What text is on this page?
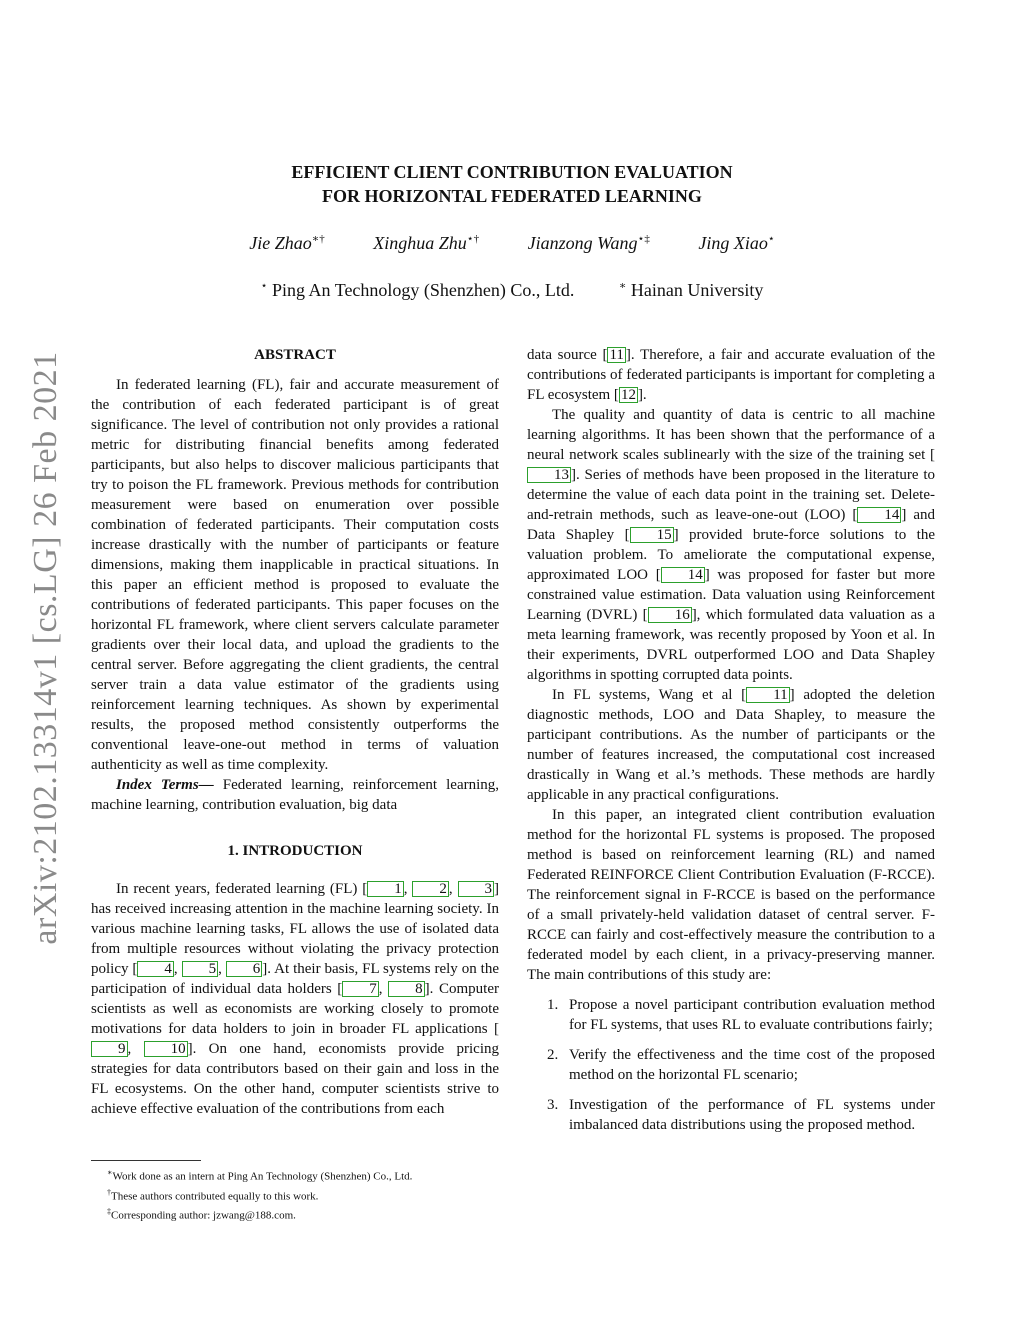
arXiv:2102.13314v1 [cs.LG] 26 Feb 2021
EFFICIENT CLIENT CONTRIBUTION EVALUATION
FOR HORIZONTAL FEDERATED LEARNING
Jie Zhao∗†	Xinghua Zhu⋆†	Jianzong Wang⋆‡	Jing Xiao⋆
⋆ Ping An Technology (Shenzhen) Co., Ltd.	∗ Hainan University
ABSTRACT

In federated learning (FL), fair and accurate measurement of the contribution of each federated participant is of great significance. The level of contribution not only provides a rational metric for distributing financial benefits among federated participants, but also helps to discover malicious participants that try to poison the FL framework. Previous methods for contribution measurement were based on enumeration over possible combination of federated participants. Their computation costs increase drastically with the number of participants or feature dimensions, making them inapplicable in practical situations. In this paper an efficient method is proposed to evaluate the contributions of federated participants. This paper focuses on the horizontal FL framework, where client servers calculate parameter gradients over their local data, and upload the gradients to the central server. Before aggregating the client gradients, the central server train a data value estimator of the gradients using reinforcement learning techniques. As shown by experimental results, the proposed method consistently outperforms the conventional leave-one-out method in terms of valuation authenticity as well as time complexity.

Index Terms— Federated learning, reinforcement learning, machine learning, contribution evaluation, big data

1. INTRODUCTION

In recent years, federated learning (FL) [ 1 , 2 , 3 ] has received increasing attention in the machine learning society. In various machine learning tasks, FL allows the use of isolated data from multiple resources without violating the privacy protection policy [ 4 , 5 , 6 ]. At their basis, FL systems rely on the participation of individual data holders [ 7 , 8 ]. Computer scientists as well as economists are working closely to promote motivations for data holders to join in broader FL applications [9 , 10 ]. On one hand, economists provide pricing strategies for data contributors based on their gain and loss in the FL ecosystems. On the other hand, computer scientists strive to achieve effective evaluation of the contributions from each

data source [ 11 ]. Therefore, a fair and accurate evaluation of the contributions of federated participants is important for completing a FL ecosystem [ 12 ].

The quality and quantity of data is centric to all machine learning algorithms. It has been shown that the performance of a neural network scales sublinearly with the size of the training set [13 ]. Series of methods have been proposed in the literature to determine the value of each data point in the training set. Delete-and-retrain methods, such as leave-one-out (LOO) [ 14 ] and Data Shapley [ 15 ] provided brute-force solutions to the valuation problem. To ameliorate the computational expense, approximated LOO [ 14 ] was proposed for faster but more constrained value estimation. Data valuation using Reinforcement Learning (DVRL) [ 16 ], which formulated data valuation as a meta learning framework, was recently proposed by Yoon et al. In their experiments, DVRL outperformed LOO and Data Shapley algorithms in spotting corrupted data points.

In FL systems, Wang et al [ 11 ] adopted the deletion diagnostic methods, LOO and Data Shapley, to measure the participant contributions. As the number of participants or the number of features increased, the computational cost increased drastically in Wang et al.’s methods. These methods are hardly applicable in any practical configurations.

In this paper, an integrated client contribution evaluation method for the horizontal FL systems is proposed. The proposed method is based on reinforcement learning (RL) and named Federated REINFORCE Client Contribution Evaluation (F-RCCE). The reinforcement signal in F-RCCE is based on the performance of a small privately-held validation dataset of central server. F-RCCE can fairly and cost-effectively measure the contribution to a federated model by each client, in a privacy-preserving manner. The main contributions of this study are:

1. Propose a novel participant contribution evaluation method for FL systems, that uses RL to evaluate contributions fairly;
2. Verify the effectiveness and the time cost of the proposed method on the horizontal FL scenario;
3. Investigation of the performance of FL systems under imbalanced data distributions using the proposed method.
∗Work done as an intern at Ping An Technology (Shenzhen) Co., Ltd.
†These authors contributed equally to this work.
‡Corresponding author: jzwang@188.com.
